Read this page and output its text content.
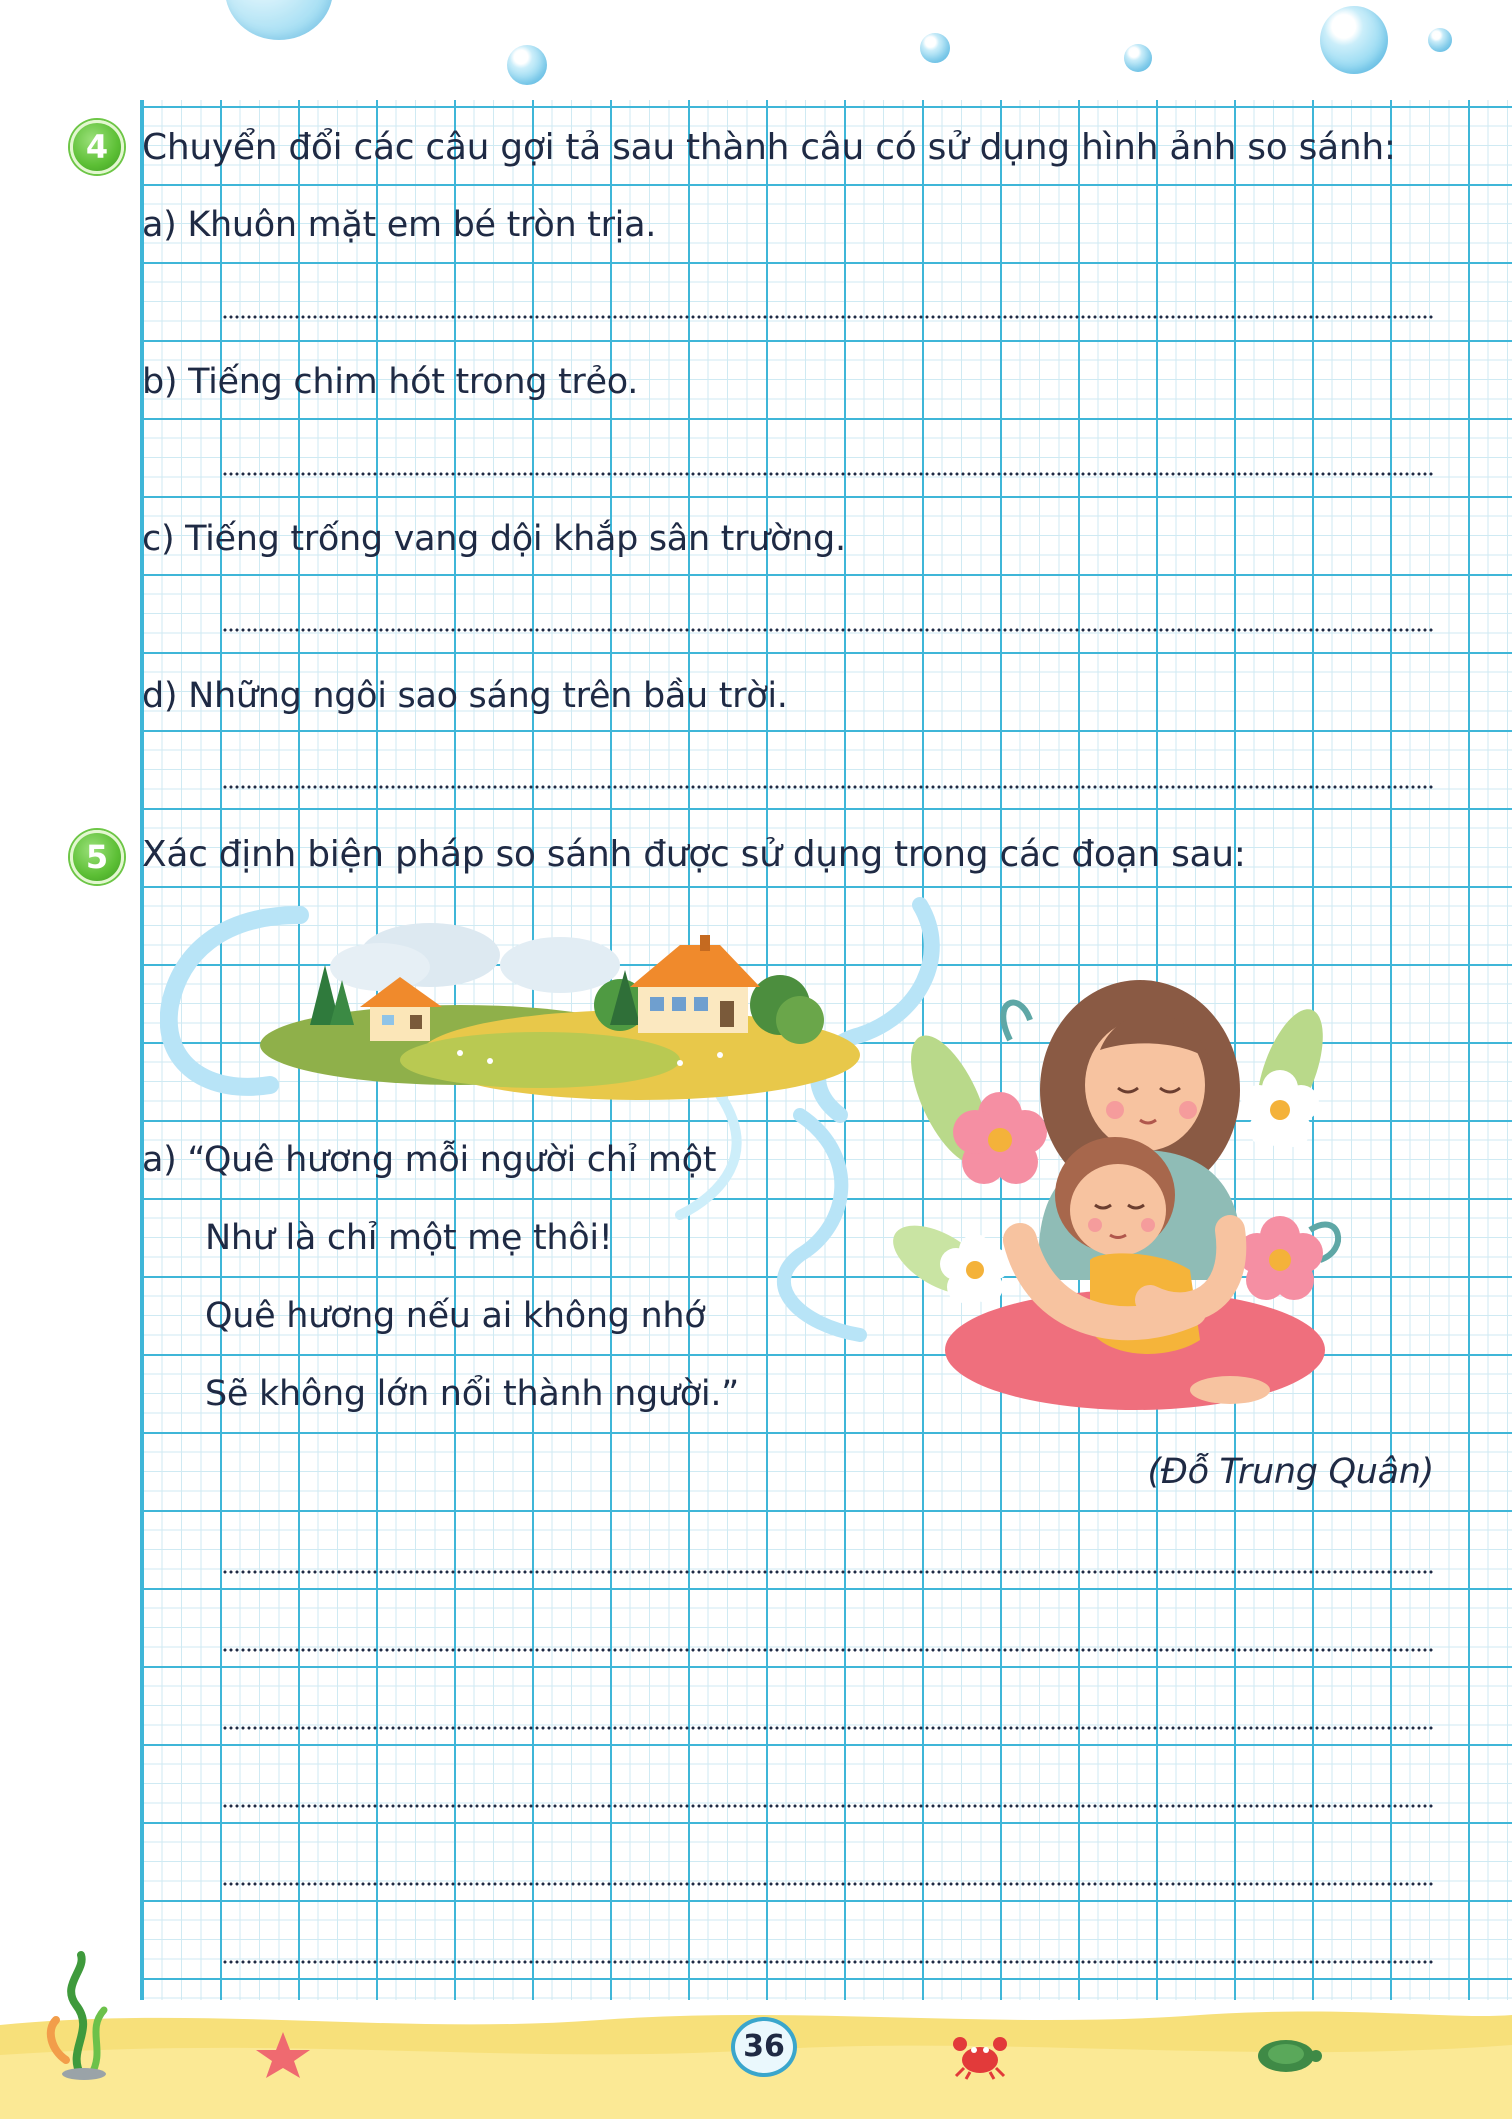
4 Chuyển đổi các câu gợi tả sau thành câu có sử dụng hình ảnh so sánh:
a) Khuôn mặt em bé tròn trịa.
b) Tiếng chim hót trong trẻo.
c) Tiếng trống vang dội khắp sân trường.
d) Những ngôi sao sáng trên bầu trời.
5 Xác định biện pháp so sánh được sử dụng trong các đoạn sau:
a) “Quê hương mỗi người chỉ một
Như là chỉ một mẹ thôi!
Quê hương nếu ai không nhớ
Sẽ không lớn nổi thành người.”
(Đỗ Trung Quân)
36
